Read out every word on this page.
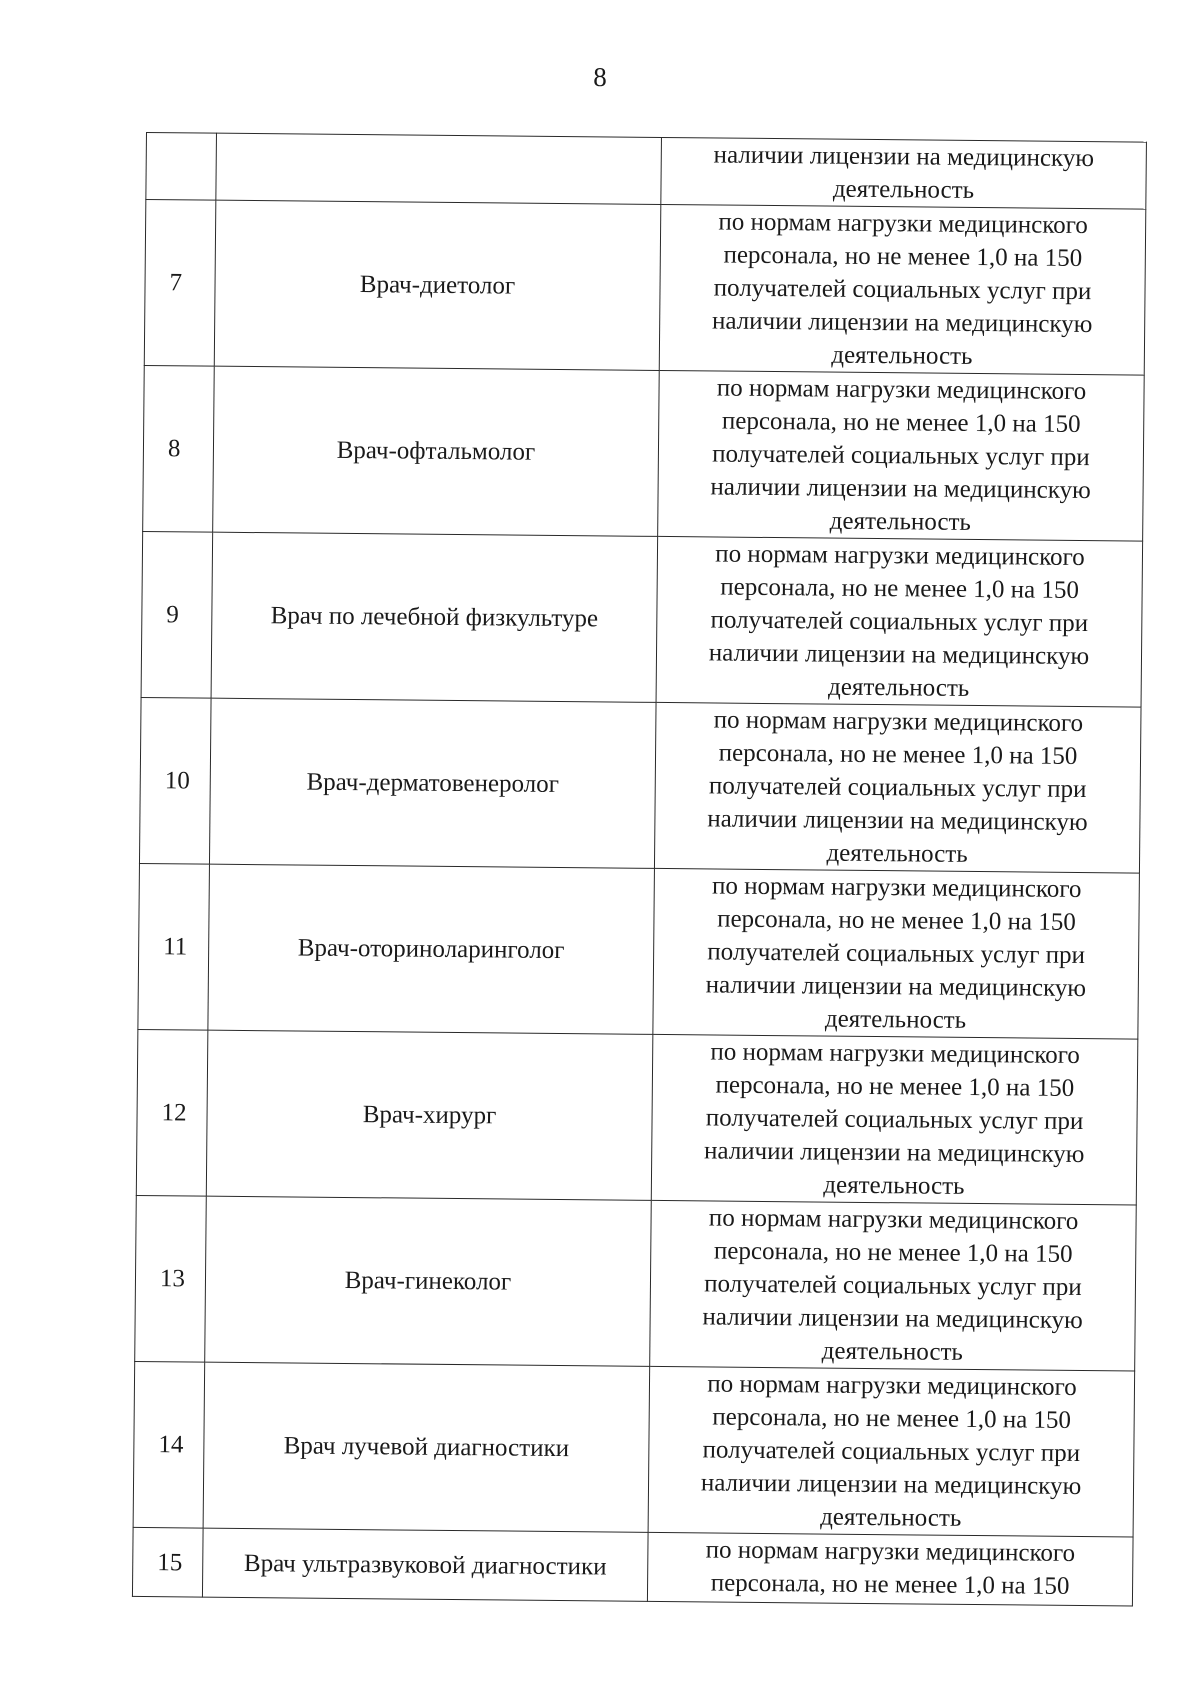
8
		наличии лицензии на медицинскую деятельность
7	Врач-диетолог	по нормам нагрузки медицинского персонала, но не менее 1,0 на 150 получателей социальных услуг при наличии лицензии на медицинскую деятельность
8	Врач-офтальмолог	по нормам нагрузки медицинского персонала, но не менее 1,0 на 150 получателей социальных услуг при наличии лицензии на медицинскую деятельность
9	Врач по лечебной физкультуре	по нормам нагрузки медицинского персонала, но не менее 1,0 на 150 получателей социальных услуг при наличии лицензии на медицинскую деятельность
10	Врач-дерматовенеролог	по нормам нагрузки медицинского персонала, но не менее 1,0 на 150 получателей социальных услуг при наличии лицензии на медицинскую деятельность
11	Врач-оториноларинголог	по нормам нагрузки медицинского персонала, но не менее 1,0 на 150 получателей социальных услуг при наличии лицензии на медицинскую деятельность
12	Врач-хирург	по нормам нагрузки медицинского персонала, но не менее 1,0 на 150 получателей социальных услуг при наличии лицензии на медицинскую деятельность
13	Врач-гинеколог	по нормам нагрузки медицинского персонала, но не менее 1,0 на 150 получателей социальных услуг при наличии лицензии на медицинскую деятельность
14	Врач лучевой диагностики	по нормам нагрузки медицинского персонала, но не менее 1,0 на 150 получателей социальных услуг при наличии лицензии на медицинскую деятельность
15	Врач ультразвуковой диагностики	по нормам нагрузки медицинского персонала, но не менее 1,0 на 150
